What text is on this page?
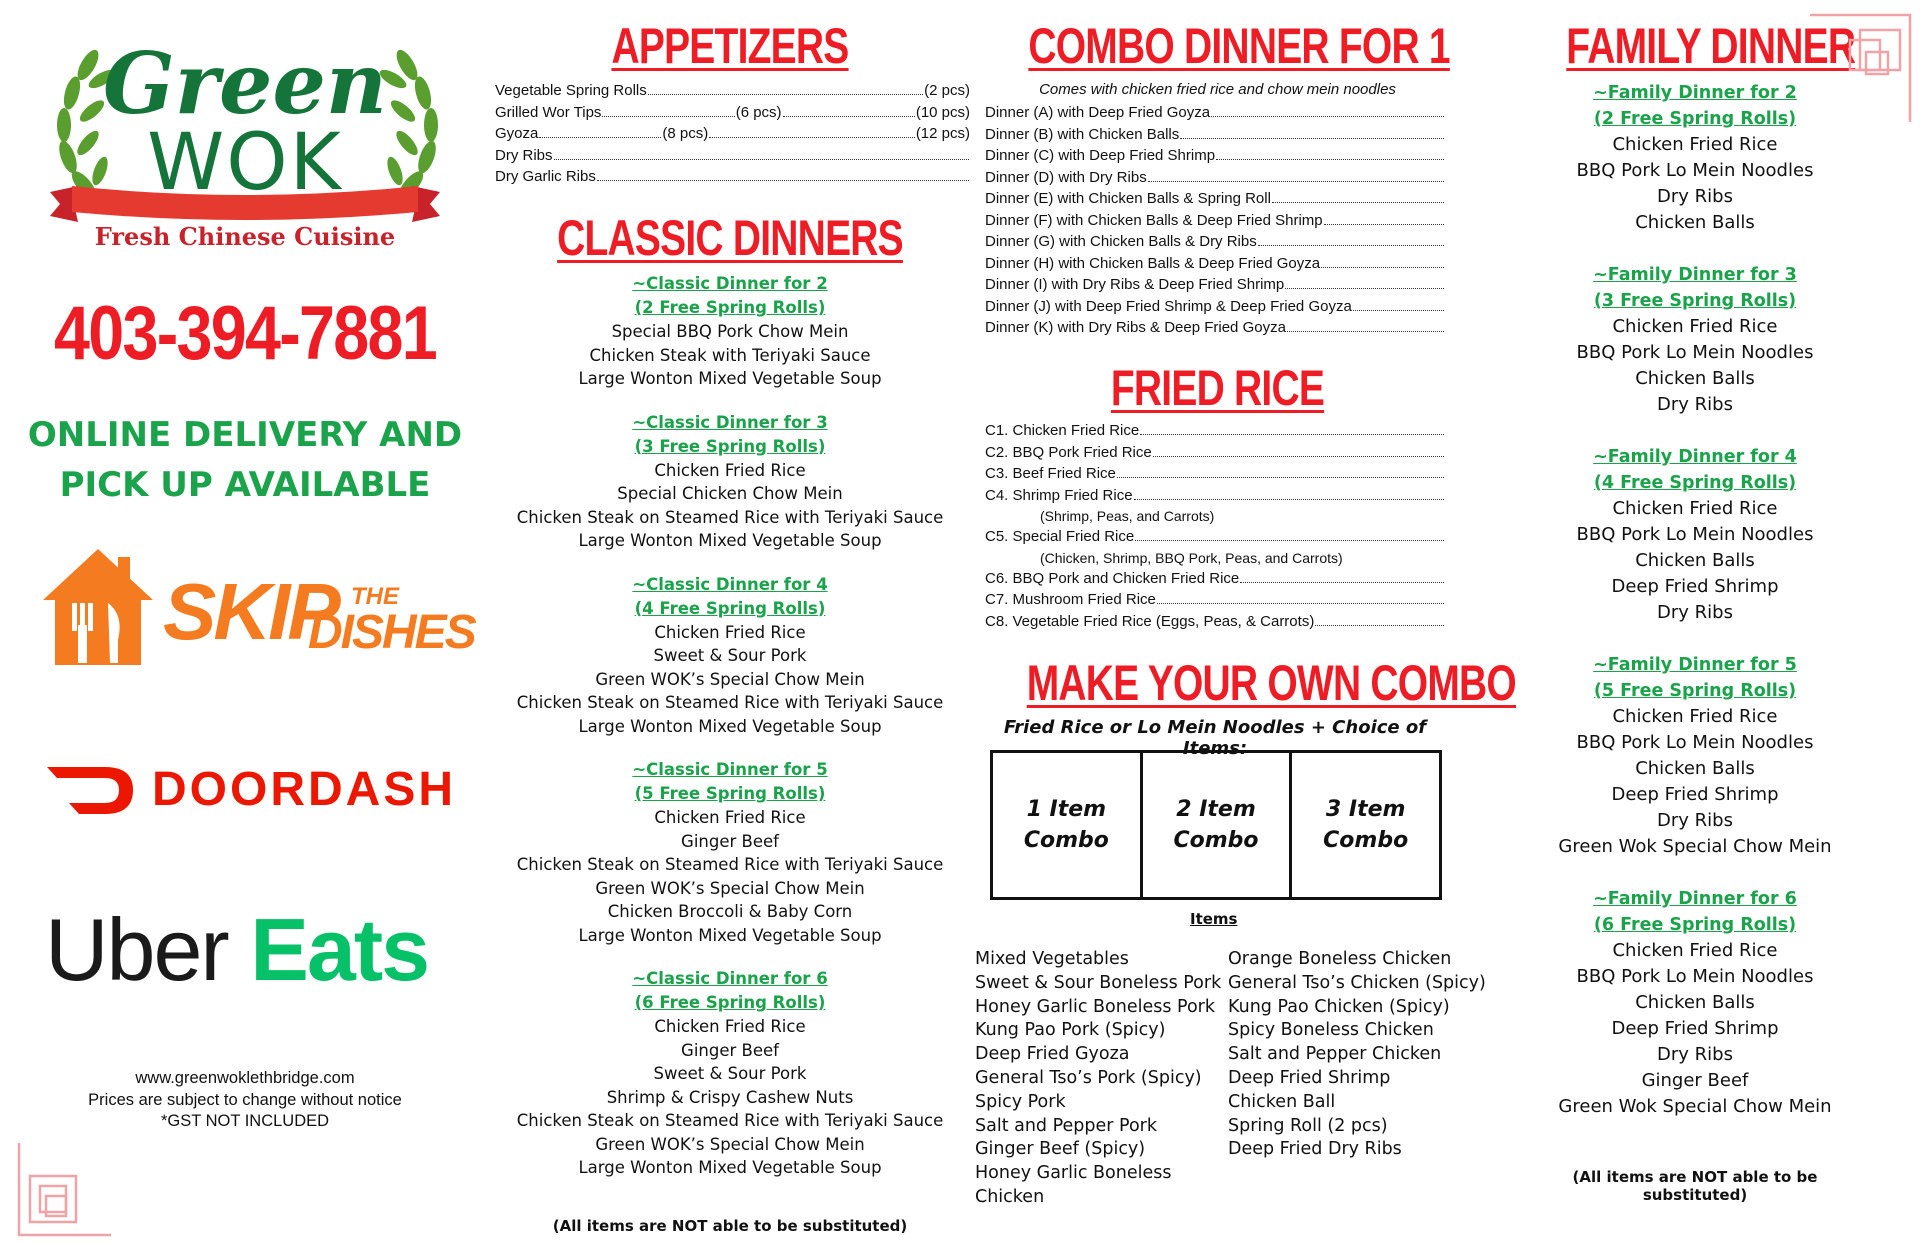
Green
WOK
Fresh Chinese Cuisine
403-394-7881
ONLINE DELIVERY AND
PICK UP AVAILABLE
SKIP THE
DISHES
DOORDASH
Uber Eats
www.greenwoklethbridge.com
Prices are subject to change without notice
*GST NOT INCLUDED
APPETIZERS
Vegetable Spring Rolls	(2 pcs)
Grilled Wor Tips	(6 pcs)	(10 pcs)
Gyoza	(8 pcs)	(12 pcs)
Dry Ribs
Dry Garlic Ribs
CLASSIC DINNERS
~Classic Dinner for 2
(2 Free Spring Rolls)
Special BBQ Pork Chow Mein
Chicken Steak with Teriyaki Sauce
Large Wonton Mixed Vegetable Soup
~Classic Dinner for 3
(3 Free Spring Rolls)
Chicken Fried Rice
Special Chicken Chow Mein
Chicken Steak on Steamed Rice with Teriyaki Sauce
Large Wonton Mixed Vegetable Soup
~Classic Dinner for 4
(4 Free Spring Rolls)
Chicken Fried Rice
Sweet & Sour Pork
Green WOK’s Special Chow Mein
Chicken Steak on Steamed Rice with Teriyaki Sauce
Large Wonton Mixed Vegetable Soup
~Classic Dinner for 5
(5 Free Spring Rolls)
Chicken Fried Rice
Ginger Beef
Chicken Steak on Steamed Rice with Teriyaki Sauce
Green WOK’s Special Chow Mein
Chicken Broccoli & Baby Corn
Large Wonton Mixed Vegetable Soup
~Classic Dinner for 6
(6 Free Spring Rolls)
Chicken Fried Rice
Ginger Beef
Sweet & Sour Pork
Shrimp & Crispy Cashew Nuts
Chicken Steak on Steamed Rice with Teriyaki Sauce
Green WOK’s Special Chow Mein
Large Wonton Mixed Vegetable Soup
(All items are NOT able to be substituted)
COMBO DINNER FOR 1
Comes with chicken fried rice and chow mein noodles
Dinner (A) with Deep Fried Goyza
Dinner (B) with Chicken Balls
Dinner (C) with Deep Fried Shrimp
Dinner (D) with Dry Ribs
Dinner (E) with Chicken Balls & Spring Roll
Dinner (F) with Chicken Balls & Deep Fried Shrimp
Dinner (G) with Chicken Balls & Dry Ribs
Dinner (H) with Chicken Balls & Deep Fried Goyza
Dinner (I) with Dry Ribs & Deep Fried Shrimp
Dinner (J) with Deep Fried Shrimp & Deep Fried Goyza
Dinner (K) with Dry Ribs & Deep Fried Goyza
FRIED RICE
C1. Chicken Fried Rice
C2. BBQ Pork Fried Rice
C3. Beef Fried Rice
C4. Shrimp Fried Rice
(Shrimp, Peas, and Carrots)
C5. Special Fried Rice
(Chicken, Shrimp, BBQ Pork, Peas, and Carrots)
C6. BBQ Pork and Chicken Fried Rice
C7. Mushroom Fried Rice
C8. Vegetable Fried Rice (Eggs, Peas, & Carrots)
MAKE YOUR OWN COMBO
Fried Rice or Lo Mein Noodles + Choice of Items:
1 Item
Combo
2 Item
Combo
3 Item
Combo
Items
Mixed Vegetables
Sweet & Sour Boneless Pork
Honey Garlic Boneless Pork
Kung Pao Pork (Spicy)
Deep Fried Gyoza
General Tso’s Pork (Spicy)
Spicy Pork
Salt and Pepper Pork
Ginger Beef (Spicy)
Honey Garlic Boneless Chicken
Orange Boneless Chicken
General Tso’s Chicken (Spicy)
Kung Pao Chicken (Spicy)
Spicy Boneless Chicken
Salt and Pepper Chicken
Deep Fried Shrimp
Chicken Ball
Spring Roll (2 pcs)
Deep Fried Dry Ribs
FAMILY DINNER
~Family Dinner for 2
(2 Free Spring Rolls)
Chicken Fried Rice
BBQ Pork Lo Mein Noodles
Dry Ribs
Chicken Balls
~Family Dinner for 3
(3 Free Spring Rolls)
Chicken Fried Rice
BBQ Pork Lo Mein Noodles
Chicken Balls
Dry Ribs
~Family Dinner for 4
(4 Free Spring Rolls)
Chicken Fried Rice
BBQ Pork Lo Mein Noodles
Chicken Balls
Deep Fried Shrimp
Dry Ribs
~Family Dinner for 5
(5 Free Spring Rolls)
Chicken Fried Rice
BBQ Pork Lo Mein Noodles
Chicken Balls
Deep Fried Shrimp
Dry Ribs
Green Wok Special Chow Mein
~Family Dinner for 6
(6 Free Spring Rolls)
Chicken Fried Rice
BBQ Pork Lo Mein Noodles
Chicken Balls
Deep Fried Shrimp
Dry Ribs
Ginger Beef
Green Wok Special Chow Mein
(All items are NOT able to be substituted)
